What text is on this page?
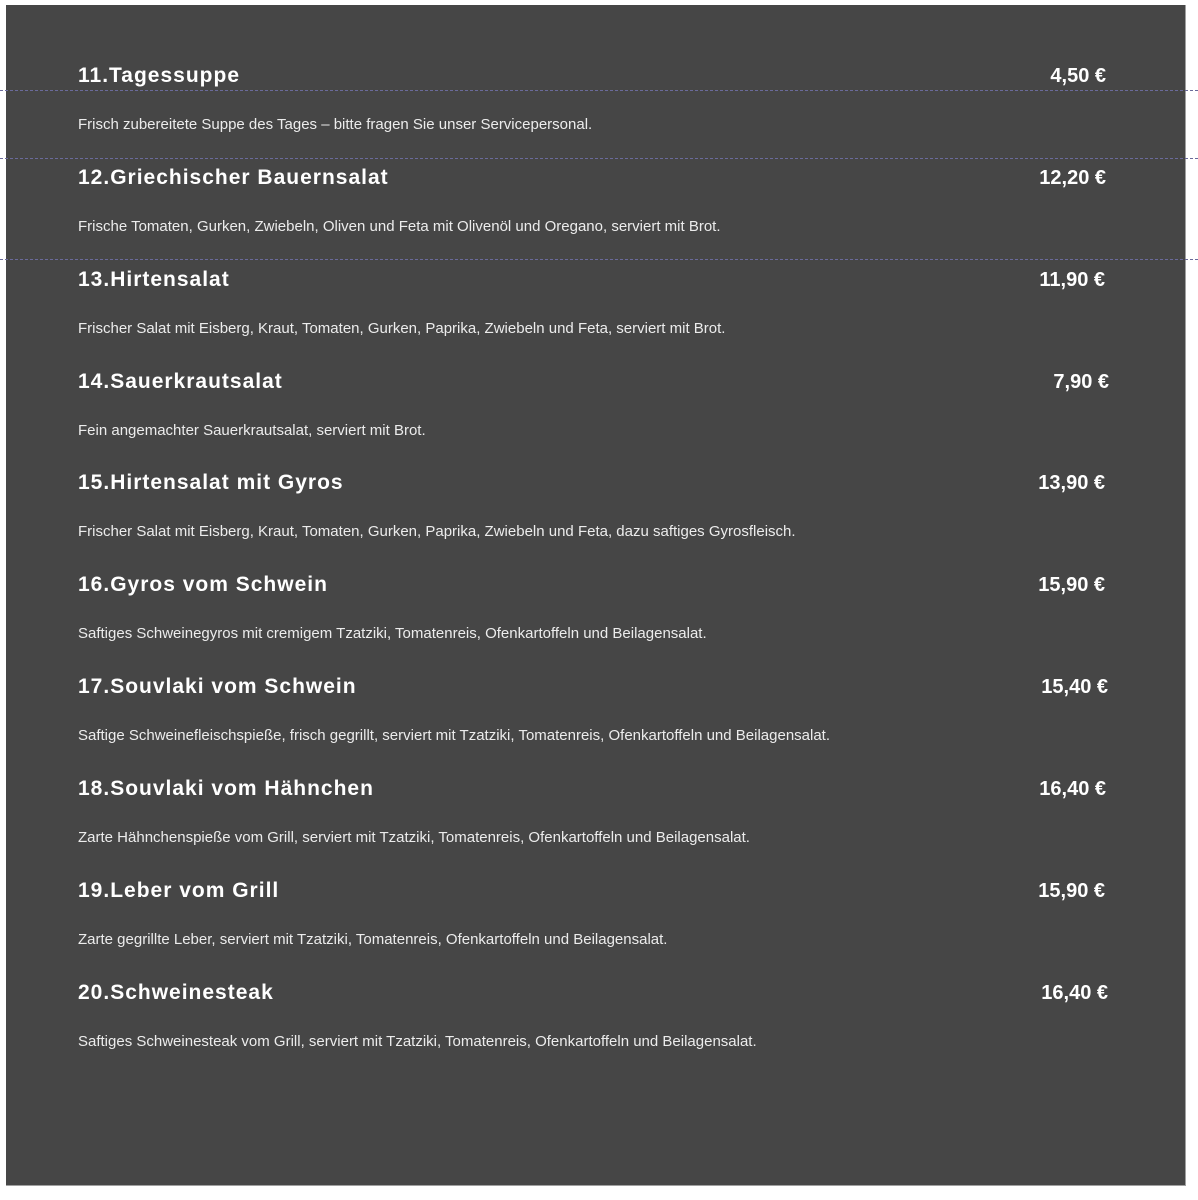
11.Tagessuppe	4,50 €
Frisch zubereitete Suppe des Tages – bitte fragen Sie unser Servicepersonal.
12.Griechischer Bauernsalat	12,20 €
Frische Tomaten, Gurken, Zwiebeln, Oliven und Feta mit Olivenöl und Oregano, serviert mit Brot.
13.Hirtensalat	11,90 €
Frischer Salat mit Eisberg, Kraut, Tomaten, Gurken, Paprika, Zwiebeln und Feta, serviert mit Brot.
14.Sauerkrautsalat	7,90 €
Fein angemachter Sauerkrautsalat, serviert mit Brot.
15.Hirtensalat mit Gyros	13,90 €
Frischer Salat mit Eisberg, Kraut, Tomaten, Gurken, Paprika, Zwiebeln und Feta, dazu saftiges Gyrosfleisch.
16.Gyros vom Schwein	15,90 €
Saftiges Schweinegyros mit cremigem Tzatziki, Tomatenreis, Ofenkartoffeln und Beilagensalat.
17.Souvlaki vom Schwein	15,40 €
Saftige Schweinefleischspieße, frisch gegrillt, serviert mit Tzatziki, Tomatenreis, Ofenkartoffeln und Beilagensalat.
18.Souvlaki vom Hähnchen	16,40 €
Zarte Hähnchenspieße vom Grill, serviert mit Tzatziki, Tomatenreis, Ofenkartoffeln und Beilagensalat.
19.Leber vom Grill	15,90 €
Zarte gegrillte Leber, serviert mit Tzatziki, Tomatenreis, Ofenkartoffeln und Beilagensalat.
20.Schweinesteak	16,40 €
Saftiges Schweinesteak vom Grill, serviert mit Tzatziki, Tomatenreis, Ofenkartoffeln und Beilagensalat.
